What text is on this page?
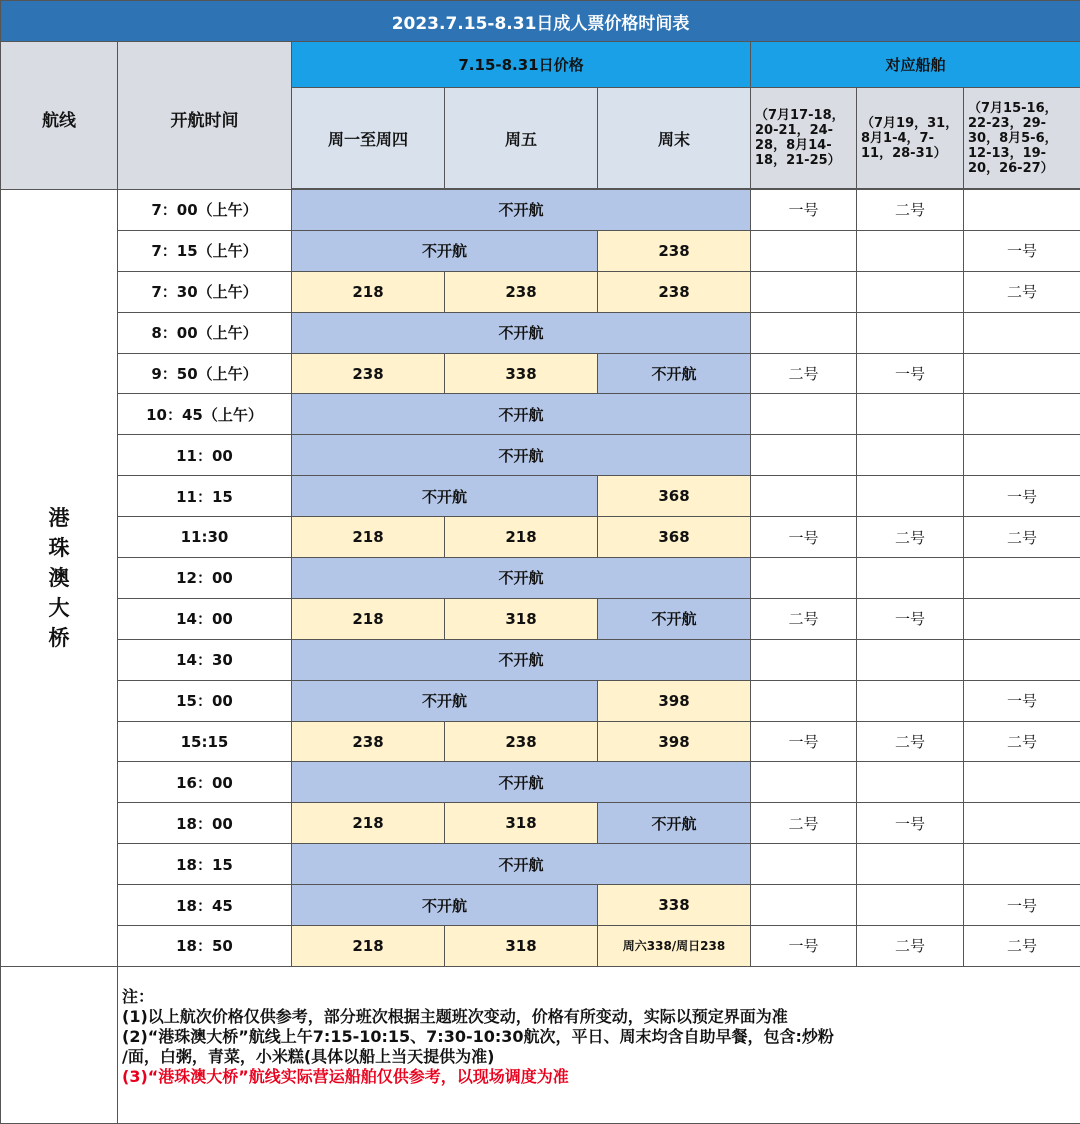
2023.7.15-8.31日成人票价格时间表							
航线	开航时间	7.15-8.31日价格			对应船舶		
		周一至周四	周五	周末	（7月17-18，20-21，24-28，8月14-18，21-25）	（7月19，31，8月1-4，7-11，28-31）	（7月15-16，22-23，29-30，8月5-6，12-13，19-20，26-27）

港
珠
澳
大
桥	7：00（上午）	不开航			一号	二号	
	7：15（上午）	不开航		238			一号
	7：30（上午）	218	238	238			二号
	8：00（上午）	不开航					
	9：50（上午）	238	338	不开航	二号	一号	
	10：45（上午）	不开航					
	11：00	不开航					
	11：15	不开航		368			一号
	11:30	218	218	368	一号	二号	二号
	12：00	不开航					
	14：00	218	318	不开航	二号	一号	
	14：30	不开航					
	15：00	不开航		398			一号
	15:15	238	238	398	一号	二号	二号
	16：00	不开航					
	18：00	218	318	不开航	二号	一号	
	18：15	不开航					
	18：45	不开航		338			一号
	18：50	218	318	周六338/周日238	一号	二号	二号

	注：
(1)以上航次价格仅供参考，部分班次根据主题班次变动，价格有所变动，实际以预定界面为准
(2)“港珠澳大桥”航线上午7:15-10:15、7:30-10:30航次，平日、周末均含自助早餐，包含:炒粉
/面，白粥，青菜，小米糕(具体以船上当天提供为准)
(3)“港珠澳大桥”航线实际营运船舶仅供参考，以现场调度为准						
